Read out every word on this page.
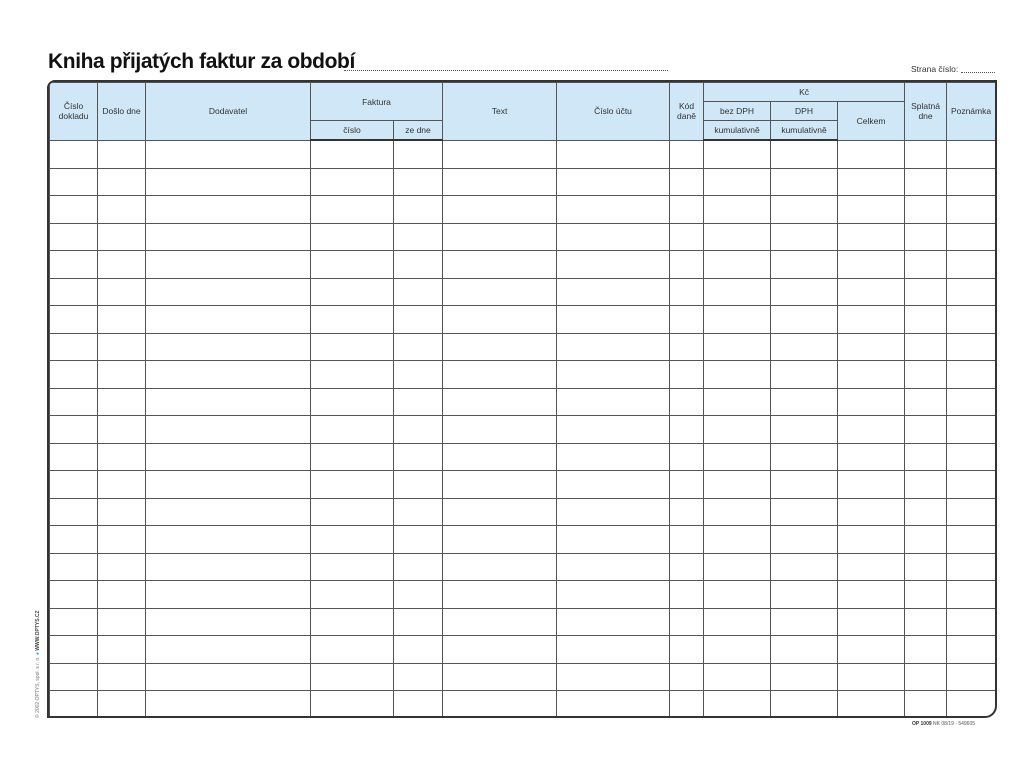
Kniha přijatých faktur za období	Strana číslo:
Číslo dokladu	Došlo dne	Dodavatel	Faktura		Text	Číslo účtu	Kód daně	Kč			Splatná dne	Poznámka
								bez DPH	DPH	Celkem		
			číslo	ze dne				kumulativně	kumulativně			

© 2002 OPTYS, spol. s r. o. ● WWW.OPTYS.CZ
OP 1009 NK 08/19 · 549605
